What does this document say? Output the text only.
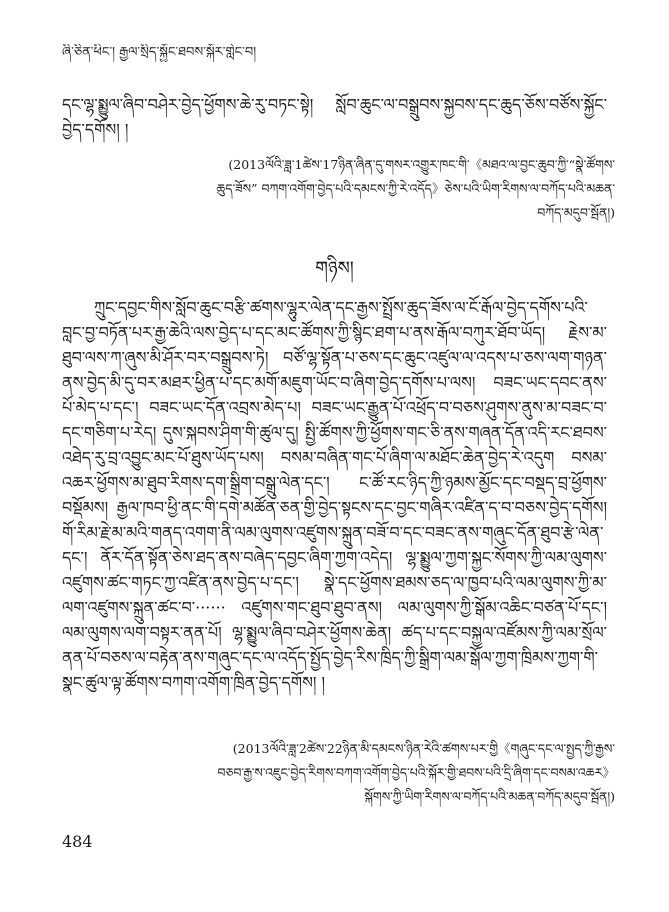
ཞི་ཅིན་ཕིང་། རྒྱལ་སྲིད་སྐྱོང་ཐབས་སྐོར་གླེང་བ།
དང་ལྷ་སྨྱུལ་ཞིབ་བཤེར་བྱེད་ཕྱོགས་ཆེ་རུ་བཏང་སྟེ། སློབ་ཆུང་ལ་བསྒྲུབས་སྐྱབས་དང་ཆུད་ཅོས་བཙོས་སྐྱོང་བྱེད་དགོས། །
(2013ལོའི་ཟླ་1ཚེས་17ཉིན་ཞིན་དུ་གསར་འགྱུར་ཁང་གི་《མཐའ་ལ་བྱང་ཆུབ་ཀྱི་“སྣེ་ཚོགས་ཆུད་ཟོས” བཀག་འགོག་བྱེད་པའི་དམངས་ཀྱི་རེ་འདོད》ཅེས་པའི་ཡིག་རིགས་ལ་བཀོད་པའི་མཆན་བཀོད་མདུབ་སྦོན།)
གཉིས།
ཀྲུང་དབྱང་གིས་སློབ་ཆུང་བརྩི་ཚགས་ལྷུར་ལེན་དང་རྒྱས་སྤྲོས་ཆུད་ཟོས་ལ་ངོ་རྒོལ་བྱེད་དགོས་པའི་བླང་བྱ་བཏོན་པར་རྒྱ་ཆེའི་ལས་བྱེད་པ་དང་མང་ཚོགས་ཀྱི་སྙིང་ཐག་པ་ནས་རྒོལ་བཀུར་ཐོབ་ཡོད། རྗེས་མ་ཐུབ་ལས་ཀ་ཞུས་མི་ཤོར་བར་བསྒྲུབས་ཏེ། བཙོ་ལྷ་སྟོན་པ་ཅས་དང་ཆུང་འཛུལ་ལ་འདས་པ་ཅས་ལག་གཉན་ནས་བྱེད་མི་དུ་བར་མཐར་ཕྱིན་པ་དང་མགོ་མཇུག་ཡོང་བ་ཞིག་བྱེད་དགོས་པ་ལས། བཟང་ཡང་དབང་ནས་པོ་མེད་པ་དང་། བཟང་ཡང་དོན་འབྲས་མེད་པ། བཟང་ཡང་རྒྱུན་པོ་འཕྲོད་བ་བཅས་ཤུགས་ནུས་མ་བཟང་བ་དང་གཅིག་པ་རེད། དུས་སྐབས་ཤིག་གི་ཚུལ་དུ། སྤྱི་ཚོགས་ཀྱི་ཕྱོགས་གང་ཅི་ནས་གཞན་དོན་འདི་རང་ཐབས་འཐེད་རུ་བྲ་འབྱུང་མང་པོ་ཐུས་ཡོད་པས། བསམ་བཞིན་གང་པོ་ཞིག་ལ་མཐོང་ཆེན་བྱེད་རེ་འདུག བསམ་འཆར་ཕྱོགས་མ་ཐུབ་རིགས་དག་སྒྲིག་བསྒྲུ་ལེན་དང་། ང་ཚོ་རང་ཉིད་ཀྱི་ཉམས་མྱོང་དང་བསྡད་བྲ་ཕྱོགས་བསྡོམས། རྒྱལ་ཁབ་ཕྱི་ནང་གི་དགེ་མཚོན་ཅན་གྱི་བྱེད་སྟངས་དང་བྱང་གཞིར་འཛིན་ད་བ་བཅས་བྱེད་དགོས། གོ་རིམ་རྗེ་མ་མའི་གནད་འགག་ནི་ལམ་ལུགས་འཛུགས་སྐྲུན་བཟོ་བ་དང་བཟང་ནས་གཞུང་དོན་ཐུབ་རྩེ་ལེན་དང་། ནོར་དོན་སྟོན་ཅེས་ཐད་ནས་བཞེད་དབྱང་ཞིག་ཀྱག་འདེད། ལྷ་སྨྱུལ་ཀྱག་སྐྱང་སོགས་ཀྱི་ལམ་ལུགས་འཛུགས་ཚང་གཏང་ཀྱ་འཛིན་ནས་བྱེད་པ་དང་། སྣེ་དང་ཕྱོགས་ཐམས་ཅད་ལ་ཁྱབ་པའི་ལམ་ལུགས་ཀྱི་མ་ལག་འཛུགས་སྐྲུན་ཚང་བ་······ འཛུགས་གང་ཐུབ་ཐུབ་ནས། ལམ་ལུགས་ཀྱི་སྒོམ་འཆིང་བཙན་པོ་དང་། ལམ་ལུགས་ལག་བསྟར་ནན་པོ། ལྷ་སྨྱུལ་ཞིབ་བཤེར་ཕྱོགས་ཆེན། ཚད་པ་དང་བསྐྱལ་འཛོམས་ཀྱི་ལམ་སྲོལ་ནན་པོ་བཅས་ལ་བརྟེན་ནས་གཞུང་དང་ལ་འདོད་སྤྱོད་བྱེད་རིས་ཁྲིད་ཀྱི་སྒྲིག་ལམ་སྒོལ་ཀྱག་ཁྲིམས་ཀྱག་གི་སྣང་ཚུལ་ལྟ་ཚོགས་བཀག་འགོག་ཁྲིན་བྱེད་དགོས། །
(2013ལོའི་ཟླ་2ཚེས་22ཉིན་མི་དམངས་ཉིན་རེའི་ཚགས་པར་གྱི《གཞུང་དང་ལ་སྤྱད་ཀྱི་རྒྱས་བཅབ་རྒྱ་ས་འཇུང་བྱེད་རིགས་བཀག་འགོག་བྱེད་པའི་སྐོར་གྱི་ཐབས་པའི་དྲི་ཞིག་དང་བསམ་འཆར》སྐོགས་ཀྱི་ཡིག་རིགས་ལ་བཀོད་པའི་མཆན་བཀོད་མདུབ་སྦོན།)
484
